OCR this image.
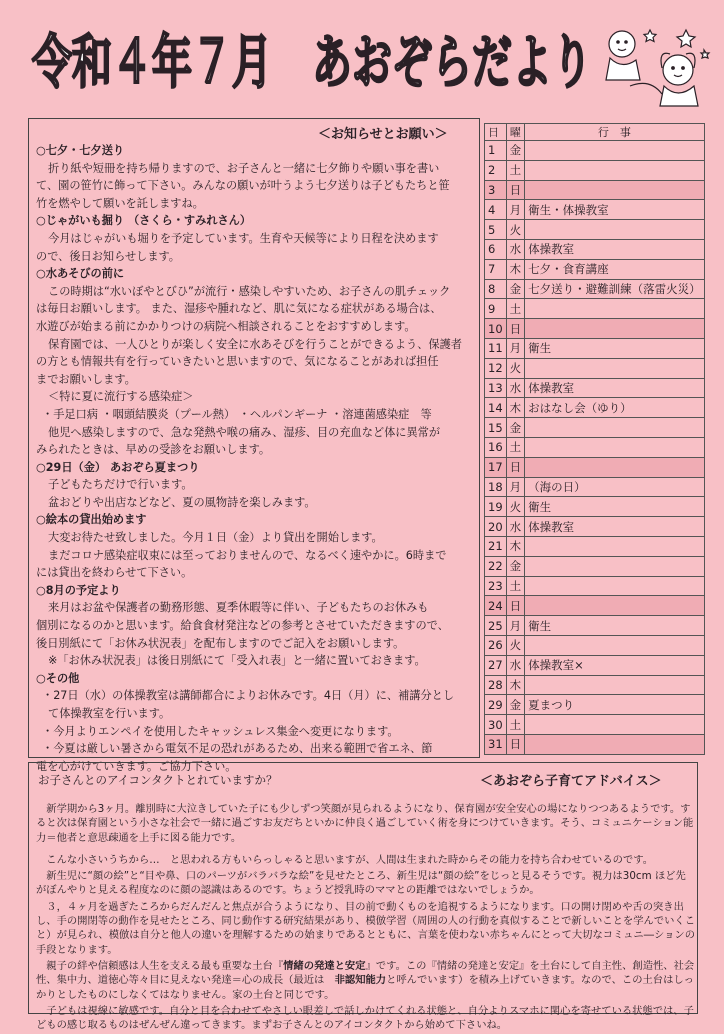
令和４年７月　あおぞらだより
＜お知らせとお願い＞

○七夕・七夕送り

折り紙や短冊を持ち帰りますので、お子さんと一緒に七夕飾りや願い事を書い

て、園の笹竹に飾って下さい。みんなの願いが叶うよう七夕送りは子どもたちと笹

竹を燃やして願いを託しますね。

○じゃがいも掘り （さくら・すみれさん）

今月はじゃがいも堀りを予定しています。生育や天候等により日程を決めます

ので、後日お知らせします。

○水あそびの前に

この時期は“水いぼやとびひ”が流行・感染しやすいため、お子さんの肌チェック

は毎日お願いします。 また、湿疹や腫れなど、肌に気になる症状がある場合は、

水遊びが始まる前にかかりつけの病院へ相談されることをおすすめします。

保育園では、一人ひとりが楽しく安全に水あそびを行うことができるよう、保護者

の方とも情報共有を行っていきたいと思いますので、気になることがあれば担任

までお願いします。

＜特に夏に流行する感染症＞

・手足口病 ・咽頭結膜炎（プール熱） ・ヘルパンギーナ ・溶連菌感染症　等

他児へ感染しますので、急な発熱や喉の痛み、湿疹、目の充血など体に異常が

みられたときは、早めの受診をお願いします。

○29日（金） あおぞら夏まつり

子どもたちだけで行います。

盆おどりや出店などなど、夏の風物詩を楽しみます。

○絵本の貸出始めます

大変お待たせ致しました。今月１日（金）より貸出を開始します。

まだコロナ感染症収束には至っておりませんので、なるべく速やかに。6時まで

には貸出を終わらせて下さい。

○8月の予定より

来月はお盆や保護者の勤務形態、夏季休暇等に伴い、子どもたちのお休みも

個別になるのかと思います。給食食材発注などの参考とさせていただきますので、

後日別紙にて「お休み状況表」を配布しますのでご記入をお願いします。

※「お休み状況表」は後日別紙にて「受入れ表」と一緒に置いておきます。

○その他

・27日（水）の体操教室は講師都合によりお休みです。4日（月）に、補講分とし

て体操教室を行います。

・今月よりエンペイを使用したキャッシュレス集金へ変更になります。

・今夏は厳しい暑さから電気不足の恐れがあるため、出来る範囲で省エネ、節

電を心がけていきます。ご協力下さい。

日	曜	行　事
1	金	
2	土	
3	日	
4	月	衛生・体操教室
5	火	
6	水	体操教室
7	木	七夕・食育講座
8	金	七夕送り・避難訓練（落雷火災）
9	土	
10	日	
11	月	衛生
12	火	
13	水	体操教室
14	木	おはなし会（ゆり）
15	金	
16	土	
17	日	
18	月	（海の日）
19	火	衛生
20	水	体操教室
21	木	
22	金	
23	土	
24	日	
25	月	衛生
26	火	
27	水	体操教室×
28	木	
29	金	夏まつり
30	土	
31	日	
お子さんとのアイコンタクトとれていますか？	＜あおぞら子育てアドバイス＞

新学期から3ヶ月。離別時に大泣きしていた子にも少しずつ笑顔が見られるようになり、保育園が安全安心の場になりつつあるようです。すると次は保育園という小さな社会で一緒に過ごすお友だちといかに仲良く過ごしていく術を身につけていきます。そう、コミュニケーション能力＝他者と意思疎通を上手に図る能力です。

こんな小さいうちから…　と思われる方もいらっしゃると思いますが、人間は生まれた時からその能力を持ち合わせているのです。

新生児に“顔の絵”と“目や鼻、口のパーツがバラバラな絵”を見せたところ、新生児は“顔の絵”をじっと見るそうです。視力は30cm ほど先がぼんやりと見える程度なのに顔の認識はあるのです。ちょうど授乳時のママとの距離ではないでしょうか。

３，４ヶ月を過ぎたころからだんだんと焦点が合うようになり、目の前で動くものを追視するようになります。口の開け閉めや舌の突き出し、手の開閉等の動作を見せたところ、同じ動作する研究結果があり、模倣学習（周囲の人の行動を真似することで新しいことを学んでいくこと）が見られ、模倣は自分と他人の違いを理解するための始まりであるとともに、言葉を使わない赤ちゃんにとって大切なコミュニ―ションの手段となります。

親子の絆や信頼感は人生を支える最も重要な土台『情緒の発達と安定』です。この『情緒の発達と安定』を土台にして自主性、創造性、社会性、集中力、道徳心等々目に見えない発達＝心の成長（最近は　非認知能力と呼んでいます）を積み上げていきます。なので、この土台はしっかりとしたものにしなくてはなりません。家の土台と同じです。

子どもは視線に敏感です。自分と目を合わせてやさしい眼差しで話しかけてくれる状態と、自分よりスマホに関心を寄せている状態では、子どもの感じ取るものはぜんぜん違ってきます。まずお子さんとのアイコンタクトから始めて下さいね。
